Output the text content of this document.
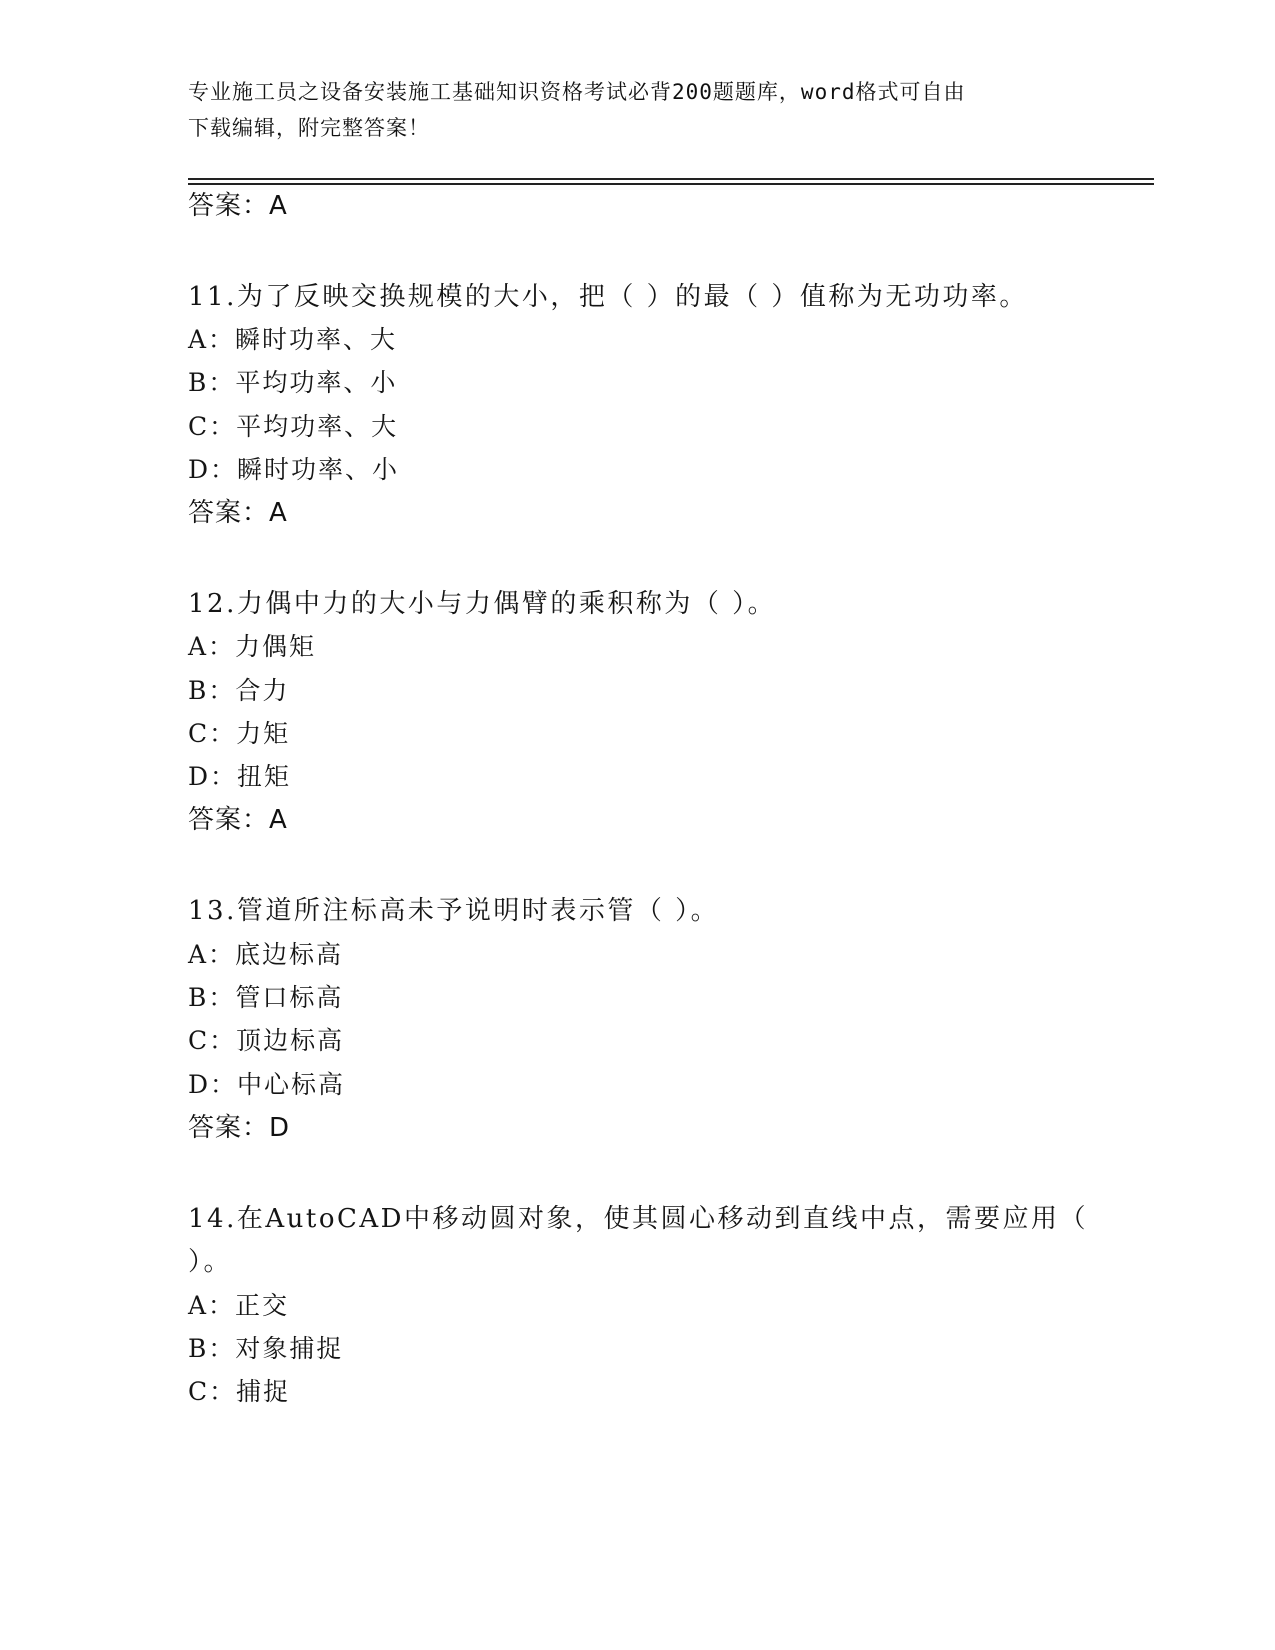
专业施工员之设备安装施工基础知识资格考试必背200题题库，word格式可自由
下载编辑，附完整答案！
答案：A
11.为了反映交换规模的大小，把（ ）的最（ ）值称为无功功率。
A：瞬时功率、大
B：平均功率、小
C：平均功率、大
D：瞬时功率、小
答案：A
12.力偶中力的大小与力偶臂的乘积称为（ ）。
A：力偶矩
B：合力
C：力矩
D：扭矩
答案：A
13.管道所注标高未予说明时表示管（ ）。
A：底边标高
B：管口标高
C：顶边标高
D：中心标高
答案：D
14.在AutoCAD中移动圆对象，使其圆心移动到直线中点，需要应用（
）。
A：正交
B：对象捕捉
C：捕捉
